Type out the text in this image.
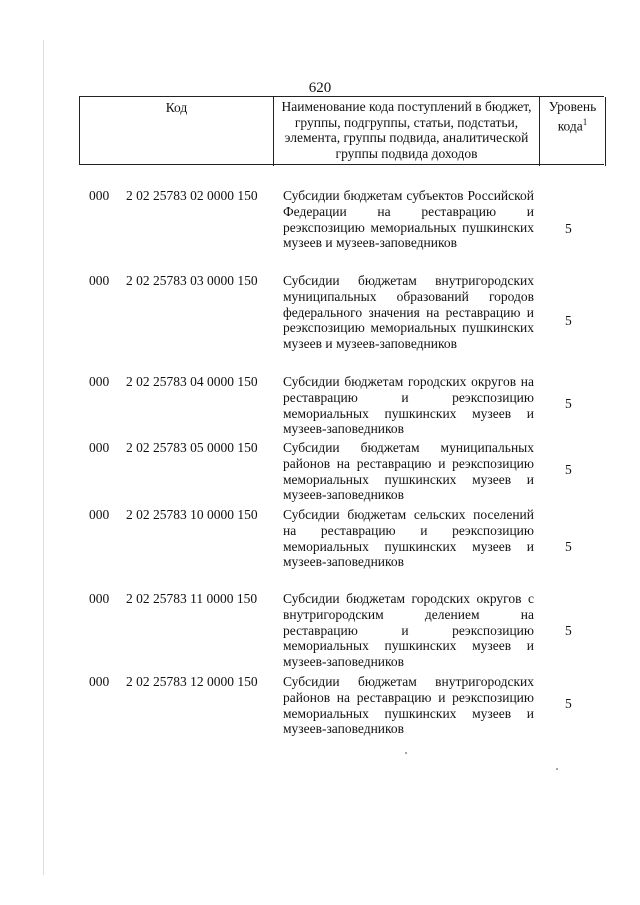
620
Код	Наименование кода поступлений в бюджет, группы, подгруппы, статьи, подстатьи, элемента, группы подвида, аналитической группы подвида доходов
Уровень кода$^1$
000 2 02 25783 02 0000 150 Субсидии бюджетам субъектов Российской Федерации на реставрацию и реэкспозицию мемориальных пушкинских музеев и музеев-заповедников
5
000 2 02 25783 03 0000 150 Субсидии бюджетам внутригородских муниципальных образований городов федерального значения на реставрацию и реэкспозицию мемориальных пушкинских музеев и музеев-заповедников
5
000 2 02 25783 04 0000 150 Субсидии бюджетам городских округов на реставрацию и реэкспозицию мемориальных пушкинских музеев и музеев-заповедников
5
000 2 02 25783 05 0000 150 Субсидии бюджетам муниципальных районов на реставрацию и реэкспозицию мемориальных пушкинских музеев и музеев-заповедников
5
000 2 02 25783 10 0000 150 Субсидии бюджетам сельских поселений на реставрацию и реэкспозицию мемориальных пушкинских музеев и музеев-заповедников
5
000 2 02 25783 11 0000 150 Субсидии бюджетам городских округов с внутригородским делением на реставрацию и реэкспозицию мемориальных пушкинских музеев и музеев-заповедников
5
000 2 02 25783 12 0000 150 Субсидии бюджетам внутригородских районов на реставрацию и реэкспозицию мемориальных пушкинских музеев и музеев-заповедников
5
